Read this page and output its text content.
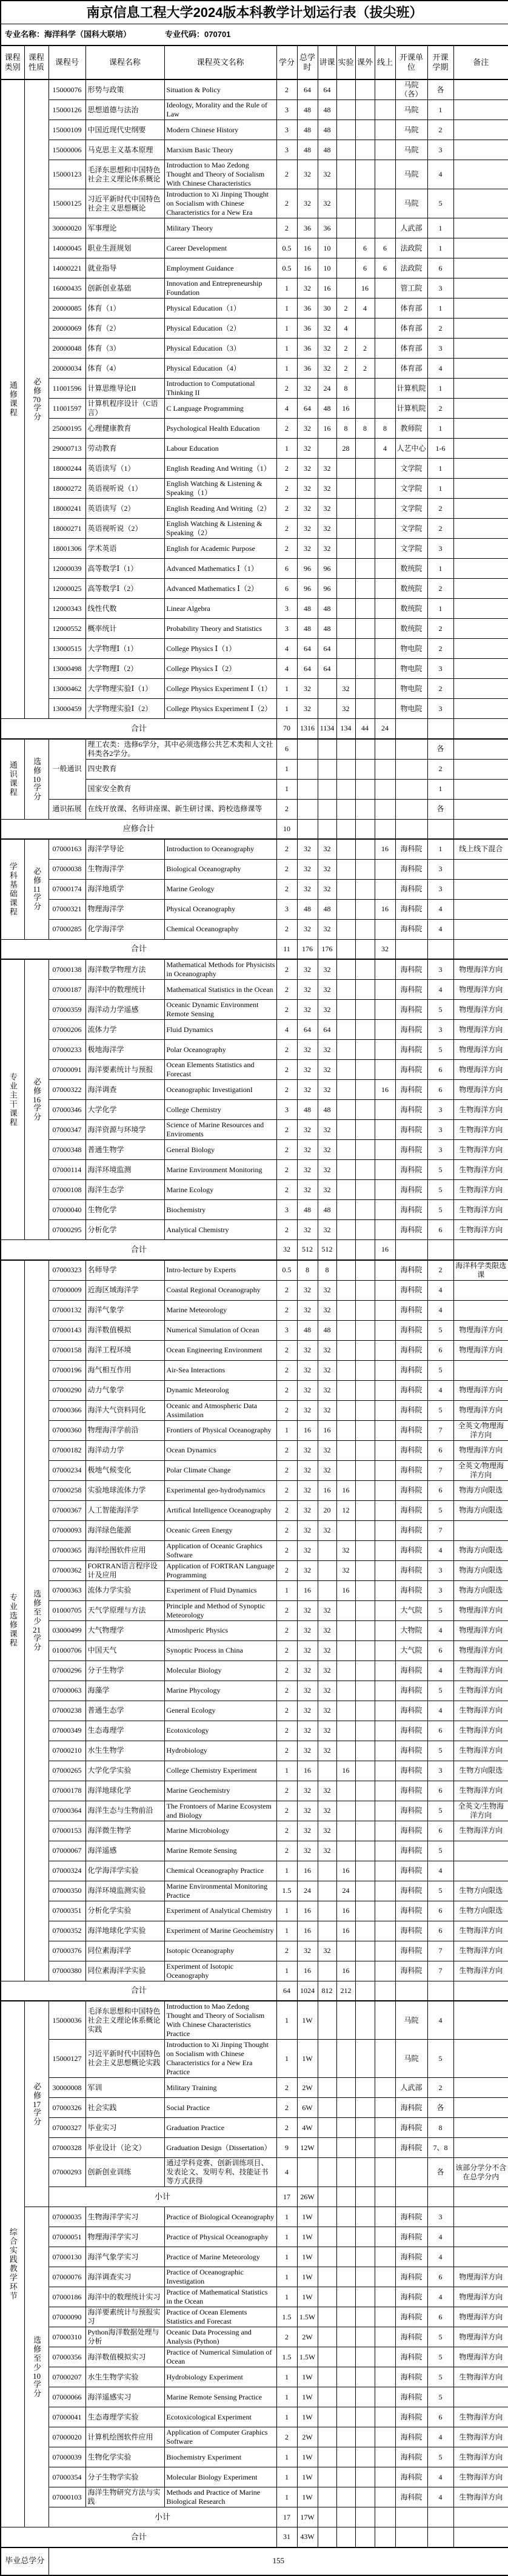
南京信息工程大学2024版本科教学计划运行表（拔尖班）													
专业名称：海洋科学（国科大联培） 专业代码：070701													
课程类别	课程性质	课程号	课程名称	课程英文名称	学分	总学时	讲课	实验	课外	线上	开课单位	开课学期	备注
通修课程	必修70学分	15000076	形势与政策	Situation & Policy	2	64	64				马院（各）	各	
		15000126	思想道德与法治	Ideology, Morality and the Rule of Law	3	48	48				马院	1	
		15000109	中国近现代史纲要	Modern Chinese History	3	48	48				马院	2	
		15000006	马克思主义基本原理	Marxism Basic Theory	3	48	48				马院	3	
		15000123	毛泽东思想和中国特色社会主义理论体系概论	Introduction to Mao Zedong Thought and Theory of Socialism With Chinese Characteristics	2	32	32				马院	4	
		15000125	习近平新时代中国特色社会主义思想概论	Introduction to Xi Jinping Thought on Socialism with Chinese Characteristics for a New Era	2	32	32				马院	5	
		30000020	军事理论	Military Theory	2	36	36				人武部	1	
		14000045	职业生涯规划	Career Development	0.5	16	10		6	6	法政院	1	
		14000221	就业指导	Employment Guidance	0.5	16	10		6	6	法政院	6	
		16000435	创新创业基础	Innovation and Entrepreneurship Foundation	1	32	16		16		管工院	3	
		20000085	体育（1）	Physical Education（1）	1	36	30	2	4		体育部	1	
		20000069	体育（2）	Physical Education（2）	1	36	32	4			体育部	2	
		20000048	体育（3）	Physical Education（3）	1	36	32	2	2		体育部	3	
		20000034	体育（4）	Physical Education（4）	1	36	32	2	2		体育部	4	
		11001596	计算思维导论II	Introduction to Computational Thinking II	2	32	24	8			计算机院	1	
		11001597	计算机程序设计（C语言）	C Language Programming	4	64	48	16			计算机院	2	
		25000195	心理健康教育	Psychological Health Education	2	32	16	8	8	8	教师院	1	
		29000713	劳动教育	Labour Education	1	32		28		4	人艺中心	1-6	
		18000244	英语读写（1）	English Reading And Writing（1）	2	32	32				文学院	1	
		18000272	英语视听说（1）	English Watching & Listening & Speaking（1）	2	32	32				文学院	1	
		18000241	英语读写（2）	English Reading And Writing（2）	2	32	32				文学院	2	
		18000271	英语视听说（2）	English Watching & Listening & Speaking（2）	2	32	32				文学院	2	
		18001306	学术英语	English for Academic Purpose	2	32	32				文学院	3	
		12000039	高等数学Ⅰ（1）	Advanced Mathematics Ⅰ（1）	6	96	96				数统院	1	
		12000025	高等数学Ⅰ（2）	Advanced Mathematics Ⅰ（2）	6	96	96				数统院	2	
		12000343	线性代数	Linear Algebra	3	48	48				数统院	1	
		12000552	概率统计	Probability Theory and Statistics	3	48	48				数统院	2	
		13000515	大学物理Ⅰ（1）	College Physics Ⅰ（1）	4	64	64				物电院	2	
		13000498	大学物理Ⅰ（2）	College Physics Ⅰ（2）	4	64	64				物电院	3	
		13000462	大学物理实验Ⅰ（1）	College Physics Experiment Ⅰ（1）	1	32		32			物电院	2	
		13000459	大学物理实验Ⅰ（2）	College Physics Experiment Ⅰ（2）	1	32		32			物电院	3	
合计					70	1316	1134	134	44	24			
通识课程	选修10学分	一般通识	理工农类：选修6学分，其中必须选修公共艺术类和人文社科类各2学分。		6							各	
			四史教育		1							2	
			国家安全教育		1							1	
		通识拓展	在线开放课、名师讲座课、新生研讨课、跨校选修课等		2							各	
应修合计					10								
学科基础课程	必修11学分	07000163	海洋学导论	Introduction to Oceanography	2	32	32			16	海科院	1	线上线下混合
		07000038	生物海洋学	Biological Oceanography	2	32	32				海科院	3	
		07000174	海洋地质学	Marine Geology	2	32	32				海科院	3	
		07000321	物理海洋学	Physical Oceanography	3	48	48			16	海科院	4	
		07000285	化学海洋学	Chemical Oceanography	2	32	32				海科院	4	
合计					11	176	176			32			
专业主干课程	必修16学分	07000138	海洋数学物理方法	Mathematical Methods for Physicists in Oceanography	2	32	32				海科院	3	物理海洋方向
		07000187	海洋中的数理统计	Mathematical Statistics in the Ocean	2	32	32				海科院	4	物理海洋方向
		07000359	海洋动力学遥感	Oceanic Dynamic Environment Remote Sensing	2	32	32				海科院	5	物理海洋方向
		07000206	流体力学	Fluid Dynamics	4	64	64				海科院	3	物理海洋方向
		07000233	极地海洋学	Polar Oceanography	2	32	32				海科院	5	物理海洋方向
		07000091	海洋要素统计与预报	Ocean Elements Statistics and Forecast	2	32	32				海科院	6	物理海洋方向
		07000322	海洋调查	Oceanographic InvestigationI	2	32	32			16	海科院	6	物理海洋方向
		07000346	大学化学	College Chemistry	3	48	48				海科院	3	生物海洋方向
		07000347	海洋资源与环境学	Science of Marine Resources and Enviroments	2	32	32				海科院	3	生物海洋方向
		07000348	普通生物学	General Biology	2	32	32				海科院	3	生物海洋方向
		07000114	海洋环境监测	Marine Environment Monitoring	2	32	32				海科院	5	生物海洋方向
		07000108	海洋生态学	Marine Ecology	2	32	32				海科院	5	生物海洋方向
		07000040	生物化学	Biochemistry	3	48	48				海科院	5	生物海洋方向
		07000295	分析化学	Analytical Chemistry	2	32	32				海科院	6	生物海洋方向
合计					32	512	512			16			
专业选修课程	选修至少21学分	07000323	名师导学	Intro-lecture by Experts	0.5	8	8				海科院	2	海洋科学类限选课
		07000009	近海区域海洋学	Coastal Regional Oceanography	2	32	32				海科院	4	
		07000132	海洋气象学	Marine Meteorology	2	32	32				海科院	4	
		07000143	海洋数值模拟	Numerical Simulation of Ocean	3	48	48				海科院	5	物理海洋方向
		07000158	海洋工程环境	Ocean Engineering Environment	2	32	32				海科院	6	物理海洋方向
		07000196	海气相互作用	Air-Sea Interactions	2	32	32				海科院	5	
		07000290	动力气象学	Dynamic Meteorolog	2	32	32				海科院	4	物理海洋方向
		07000366	海洋大气资料同化	Oceanic and Atmospheric Data Assimilation	2	32	32				海科院	5	物理海洋方向
		07000360	物理海洋学前沿	Frontiers of Physical Oceanography	1	16	16				海科院	7	全英文/物理海洋方向
		07000182	海洋动力学	Ocean Dynamics	2	32	32				海科院	6	物理海洋方向
		07000234	极地气候变化	Polar Climate Change	2	32	32				海科院	7	全英文/物理海洋方向
		07000258	实验地球流体力学	Experimental geo-hydrodynamics	2	32	16	16			海科院	6	物海方向限选
		07000367	人工智能海洋学	Artifical Intelligence Oceanography	2	32	20	12			海科院	5	物海方向限选
		07000093	海洋绿色能源	Oceanic Green Energy	2	32	32				海科院	7	
		07000365	海洋绘图软件应用	Application of Oceanic Graphics Software	2	32		32			海科院	4	物海方向限选
		07000362	FORTRAN语言程序设计及应用	Application of FORTRAN Language Programming	2	32		32			海科院	3	物海方向限选
		07000363	流体力学实验	Experiment of Fluid Dynamics	1	16		16			海科院	3	物海方向限选
		01000705	天气学原理与方法	Principle and Method of Synoptic Meteorology	2	32	32				大气院	5	物理海洋方向
		03000499	大气物理学	Atmoshperic Physics	2	32	32				大物院	4	物理海洋方向
		01000706	中国天气	Synoptic Process in China	2	32	32				大气院	6	物理海洋方向
		07000296	分子生物学	Molecular Biology	2	32	32				海科院	4	生物海洋方向
		07000063	海藻学	Marine Phycology	2	32	32				海科院	5	生物海洋方向
		07000238	普通生态学	General Ecology	2	32	32				海科院	4	生物海洋方向
		07000349	生态毒理学	Ecotoxicology	2	32	32				海科院	6	生物海洋方向
		07000210	水生生物学	Hydrobiology	2	32	32				海科院	5	生物海洋方向
		07000265	大学化学实验	College Chemistry Experiment	1	16		16			海科院	3	生物方向限选
		07000178	海洋地球化学	Marine Geochemistry	2	32	32				海科院	6	生物海洋方向
		07000364	海洋生态与生物前沿	The Frontoers of Marine Ecosystem and Biology	2	32	32				海科院	5	全英文/生物海洋方向
		07000153	海洋微生物学	Marine Microbiology	2	32	32				海科院	6	生物海洋方向
		07000067	海洋遥感	Marine Remote Sensing	2	32	32				海科院	5	
		07000324	化学海洋学实验	Chemical Oceanography Practice	1	16		16			海科院	4	
		07000350	海洋环境监测实验	Marine Environmental Monitoring Practice	1.5	24		24			海科院	5	生物方向限选
		07000351	分析化学实验	Experiment of Analytical Chemistry	1	16		16			海科院	6	生物方向限选
		07000352	海洋地球化学实验	Experiment of Marine Geochemistry	1	16		16			海科院	6	生物海洋方向
		07000376	同位素海洋学	Isotopic Oceanography	2	32	32				海科院	7	生物海洋方向
		07000380	同位素海洋学实验	Experiment of Isotopic Oceanography	1	16		16			海科院	7	生物海洋方向
合计					64	1024	812	212					
综合实践教学环节	必修17学分	15000036	毛泽东思想和中国特色社会主义理论体系概论实践	Introduction to Mao Zedong Thought and Theory of Socialism With Chinese Characteristics Practice	1	1W					马院	4	
		15000127	习近平新时代中国特色社会主义思想概论实践	Introduction to Xi Jinping Thought on Socialism with Chinese Characteristics for a New Era Practice	1	1W					马院	5	
		30000008	军训	Military Training	2	2W					人武部	2	
		07000326	社会实践	Social Practice	2	6W					海科院	各	
		07000327	毕业实习	Graduation Practice	2	4W					海科院	8	
		07000328	毕业设计（论文）	Graduation Design（Dissertation）	9	12W					海科院	7、8	
		07000293	创新创业训练	通过学科竞赛、创新训练项目、发表论文、发明专利、技能证书等方式获得	4							各	该部分学分不含在总学分内
		小计			17	26W							
	选修至少10学分	07000035	生物海洋学实习	Practice of Biological Oceanography	1	1W					海科院	3	
		07000051	物理海洋学实习	Practice of Physical Oceanography	1	1W					海科院	4	
		07000130	海洋气象学实习	Practice of Marine Meteorology	1	1W					海科院	4	
		07000076	海洋调查实习	Practice of Oceanographic Investigation	1	1W					海科院	6	物理海洋方向
		07000186	海洋中的数理统计实习	Practice of Mathematical Statistics in the Ocean	1	1W					海科院	4	物理海洋方向
		07000090	海洋要素统计与预报实习	Practice of Ocean Elements Statistics and Forecast	1.5	1.5W					海科院	6	物理海洋方向
		07000310	Python海洋数据处理与分析	Oceanic Data Processing and Analysis (Python)	2	2W					海科院	5	物理海洋方向
		07000356	海洋数值模拟实习	Practice of Numerical Simulation of Ocean	1.5	1.5W					海科院	5	物理海洋方向
		07000207	水生生物学实验	Hydrobiology Experiment	1	1W					海科院	5	生物海洋方向
		07000066	海洋遥感实习	Marine Remote Sensing Practice	1	1W					海科院	5	
		07000041	生态毒理学实验	Ecotoxicological Experiment	1	1W					海科院	6	生物海洋方向
		07000020	计算机绘图软件应用	Application of Computer Graphics Software	2	2W					海科院	4	生物海洋方向
		07000039	生物化学实验	Biochemistry Experiment	1	1W					海科院	5	生物海洋方向
		07000354	分子生物学实验	Molecular Biology Experiment	1	1W					海科院	4	生物海洋方向
		07000103	海洋生物研究方法与实践	Methods and Practice of Marine Biological Research	1	1W					海科院	4	生物海洋方向
		小计			17	17W							
合计					31	43W							
毕业总学分		155											
